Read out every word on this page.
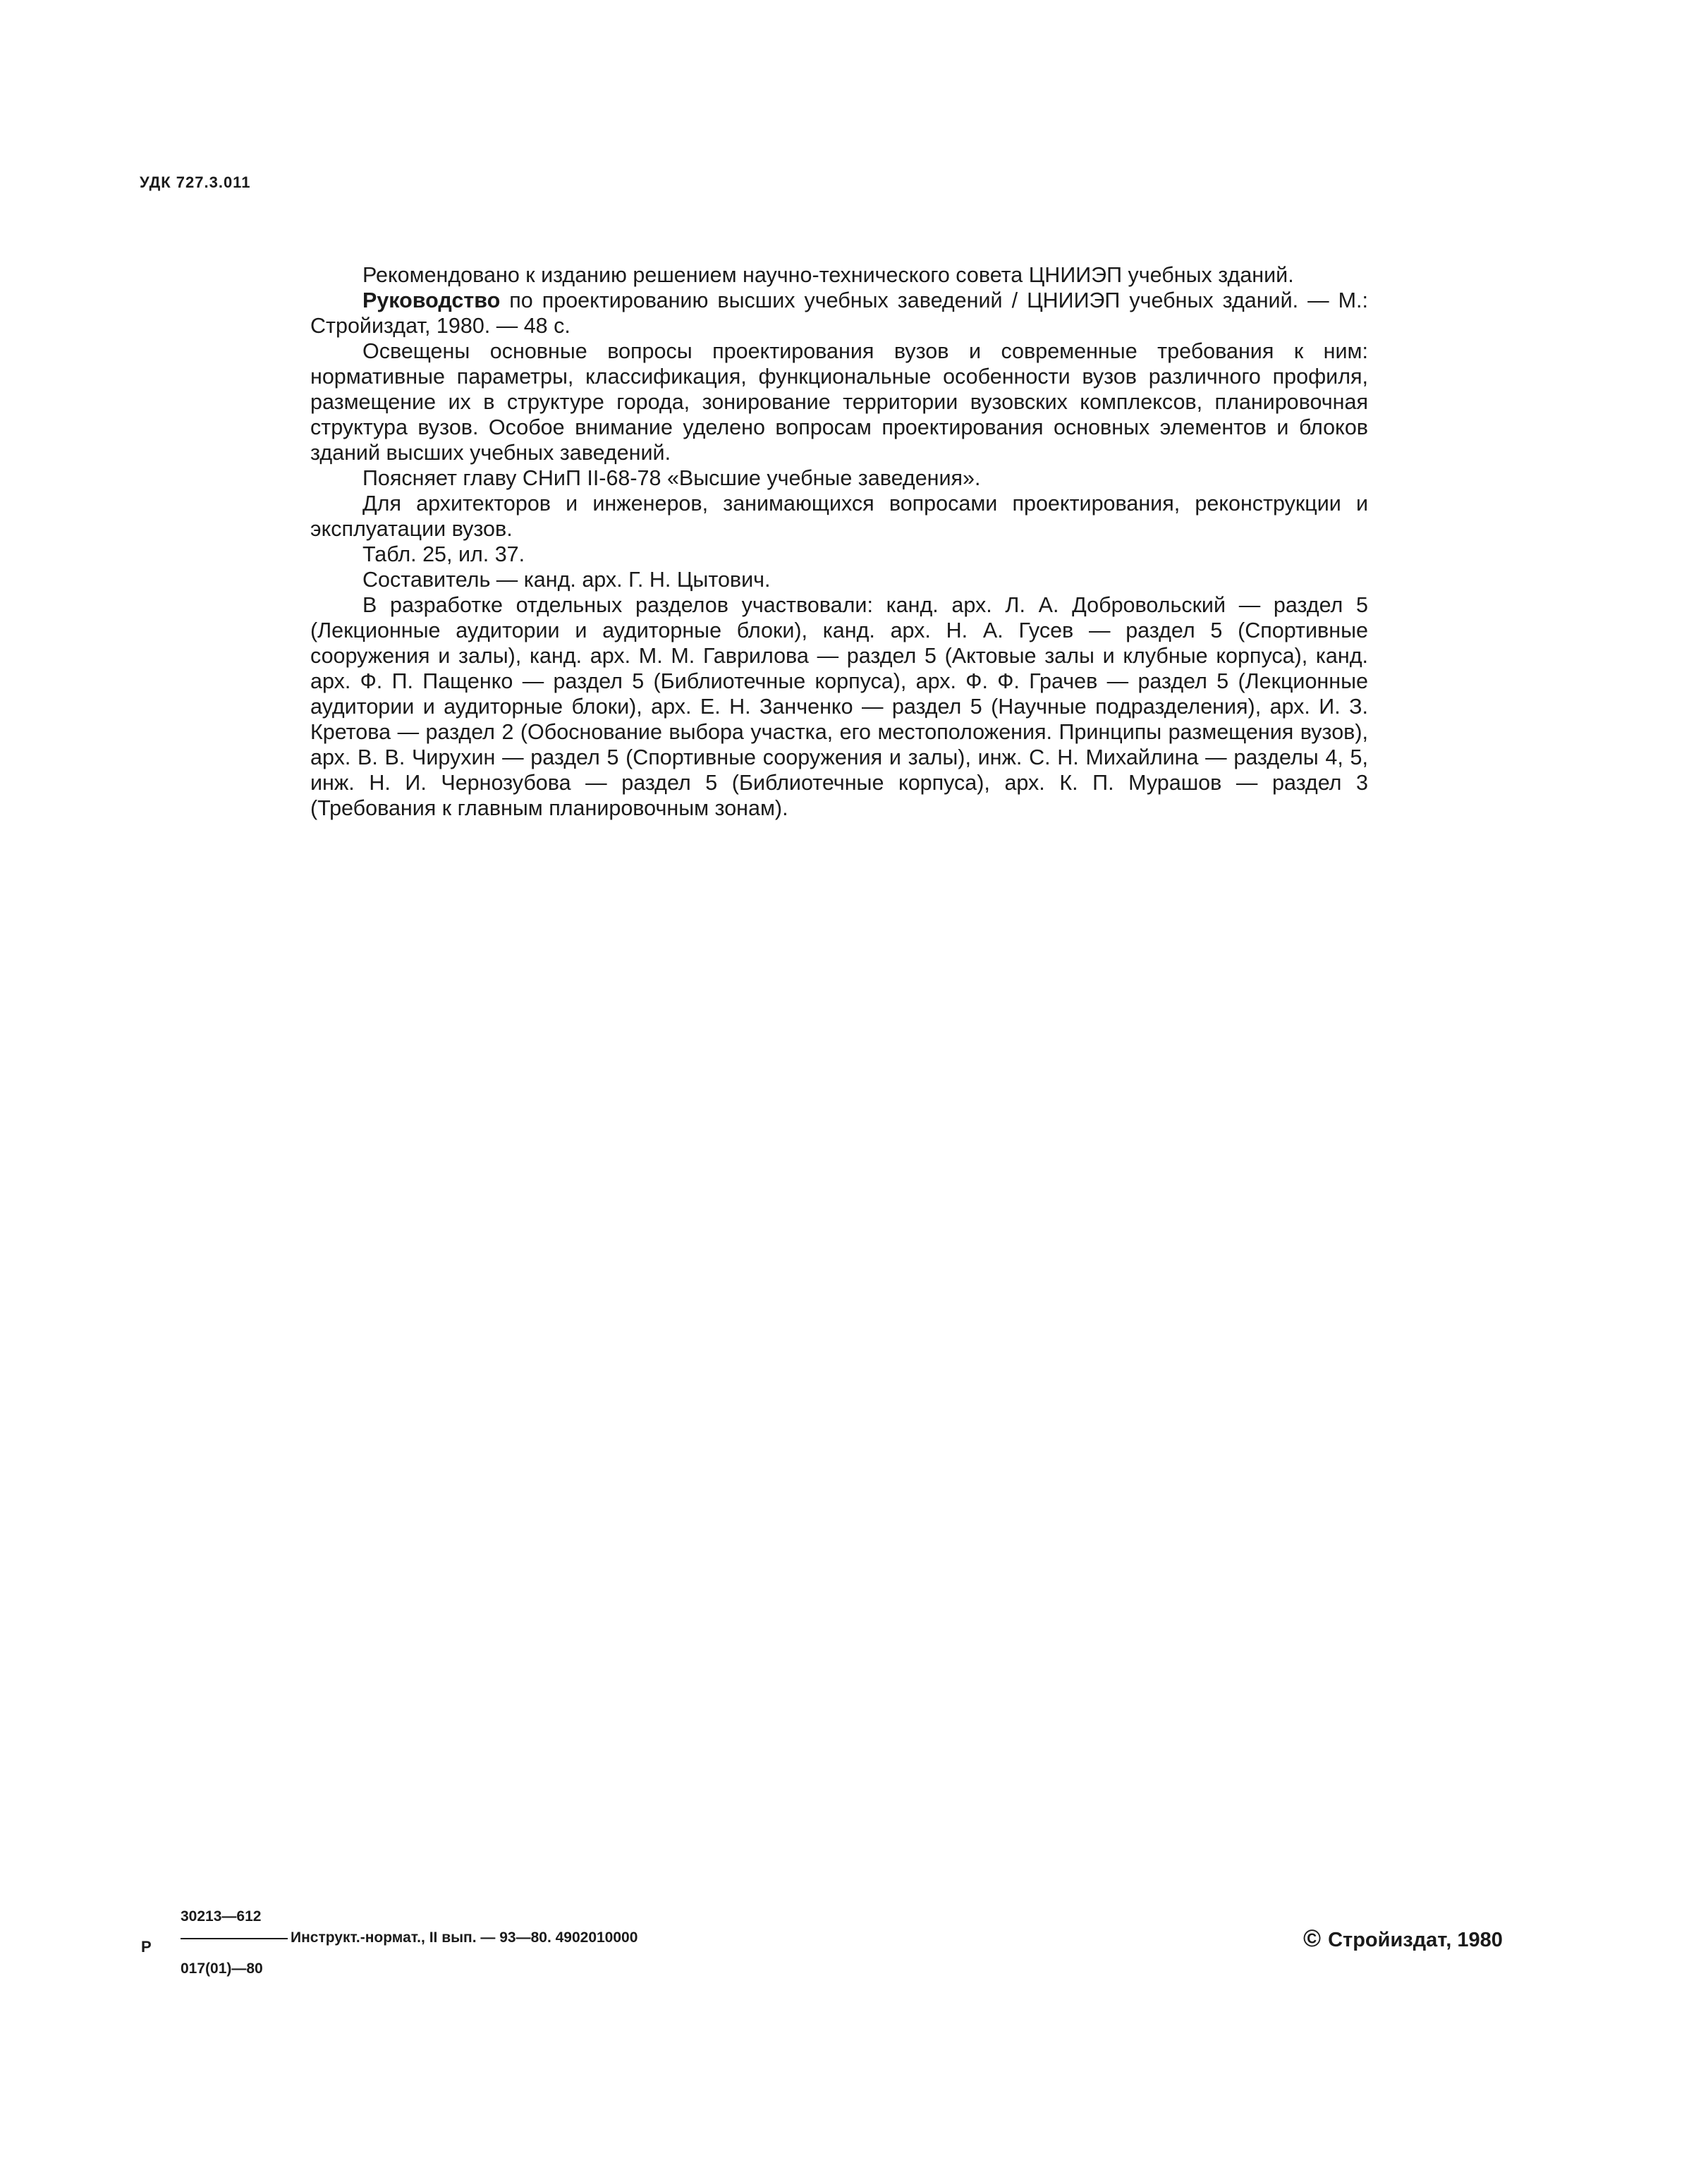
УДК 727.3.011

Рекомендовано к изданию решением научно-технического совета ЦНИИЭП учебных зданий.

Руководство по проектированию высших учебных заведений / ЦНИИЭП учебных зданий. — М.: Стройиздат, 1980. — 48 с.

Освещены основные вопросы проектирования вузов и современные требования к ним: нормативные параметры, классификация, функциональные особенности вузов различного профиля, размещение их в структуре города, зонирование территории вузовских комплексов, планировочная структура вузов. Особое внимание уделено вопросам проектирования основных элементов и блоков зданий высших учебных заведений.

Поясняет главу СНиП II-68-78 «Высшие учебные заведения».

Для архитекторов и инженеров, занимающихся вопросами проектирования, реконструкции и эксплуатации вузов.

Табл. 25, ил. 37.

Составитель — канд. арх. Г. Н. Цытович.

В разработке отдельных разделов участвовали: канд. арх. Л. А. Добровольский — раздел 5 (Лекционные аудитории и аудиторные блоки), канд. арх. Н. А. Гусев — раздел 5 (Спортивные сооружения и залы), канд. арх. М. М. Гаврилова — раздел 5 (Актовые залы и клубные корпуса), канд. арх. Ф. П. Пащенко — раздел 5 (Библиотечные корпуса), арх. Ф. Ф. Грачев — раздел 5 (Лекционные аудитории и аудиторные блоки), арх. Е. Н. Занченко — раздел 5 (Научные подразделения), арх. И. З. Кретова — раздел 2 (Обоснование выбора участка, его местоположения. Принципы размещения вузов), арх. В. В. Чирухин — раздел 5 (Спортивные сооружения и залы), инж. С. Н. Михайлина — разделы 4, 5, инж. Н. И. Чернозубова — раздел 5 (Библиотечные корпуса), арх. К. П. Мурашов — раздел 3 (Требования к главным планировочным зонам).

Р
30213—612
017(01)—80
Инструкт.-нормат., II вып. — 93—80. 4902010000	© Стройиздат, 1980
